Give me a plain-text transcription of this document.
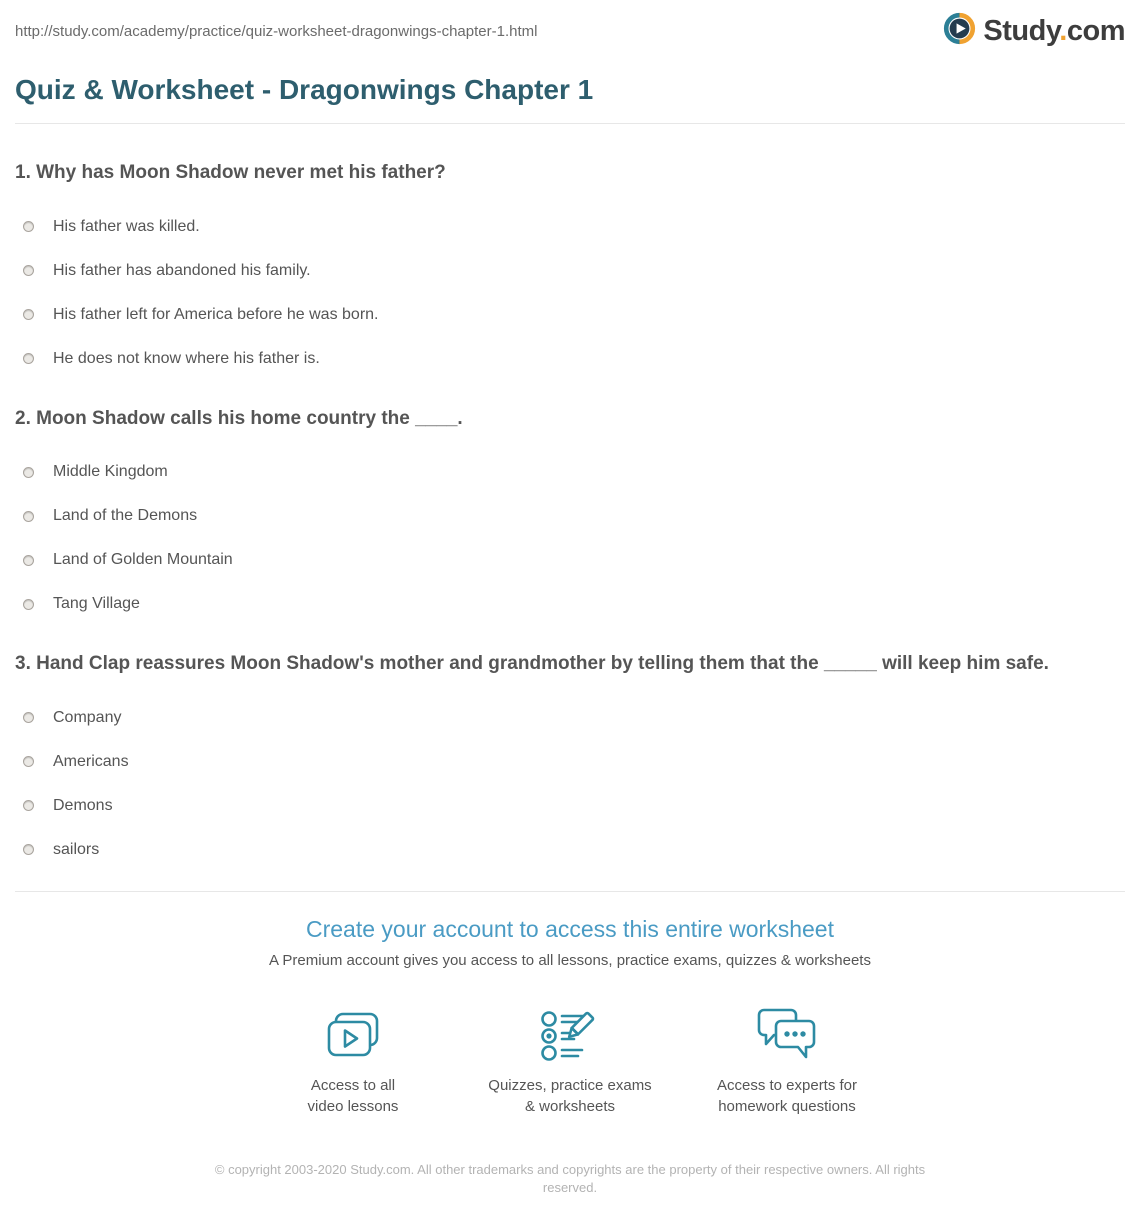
http://study.com/academy/practice/quiz-worksheet-dragonwings-chapter-1.html	Study.com
Quiz & Worksheet - Dragonwings Chapter 1
1. Why has Moon Shadow never met his father?
His father was killed.
His father has abandoned his family.
His father left for America before he was born.
He does not know where his father is.
2. Moon Shadow calls his home country the ____.
Middle Kingdom
Land of the Demons
Land of Golden Mountain
Tang Village
3. Hand Clap reassures Moon Shadow's mother and grandmother by telling them that the _____ will keep him safe.
Company
Americans
Demons
sailors
Create your account to access this entire worksheet
A Premium account gives you access to all lessons, practice exams, quizzes & worksheets
Access to all
video lessons
Quizzes, practice exams
& worksheets
Access to experts for
homework questions
© copyright 2003-2020 Study.com. All other trademarks and copyrights are the property of their respective owners. All rights reserved.
